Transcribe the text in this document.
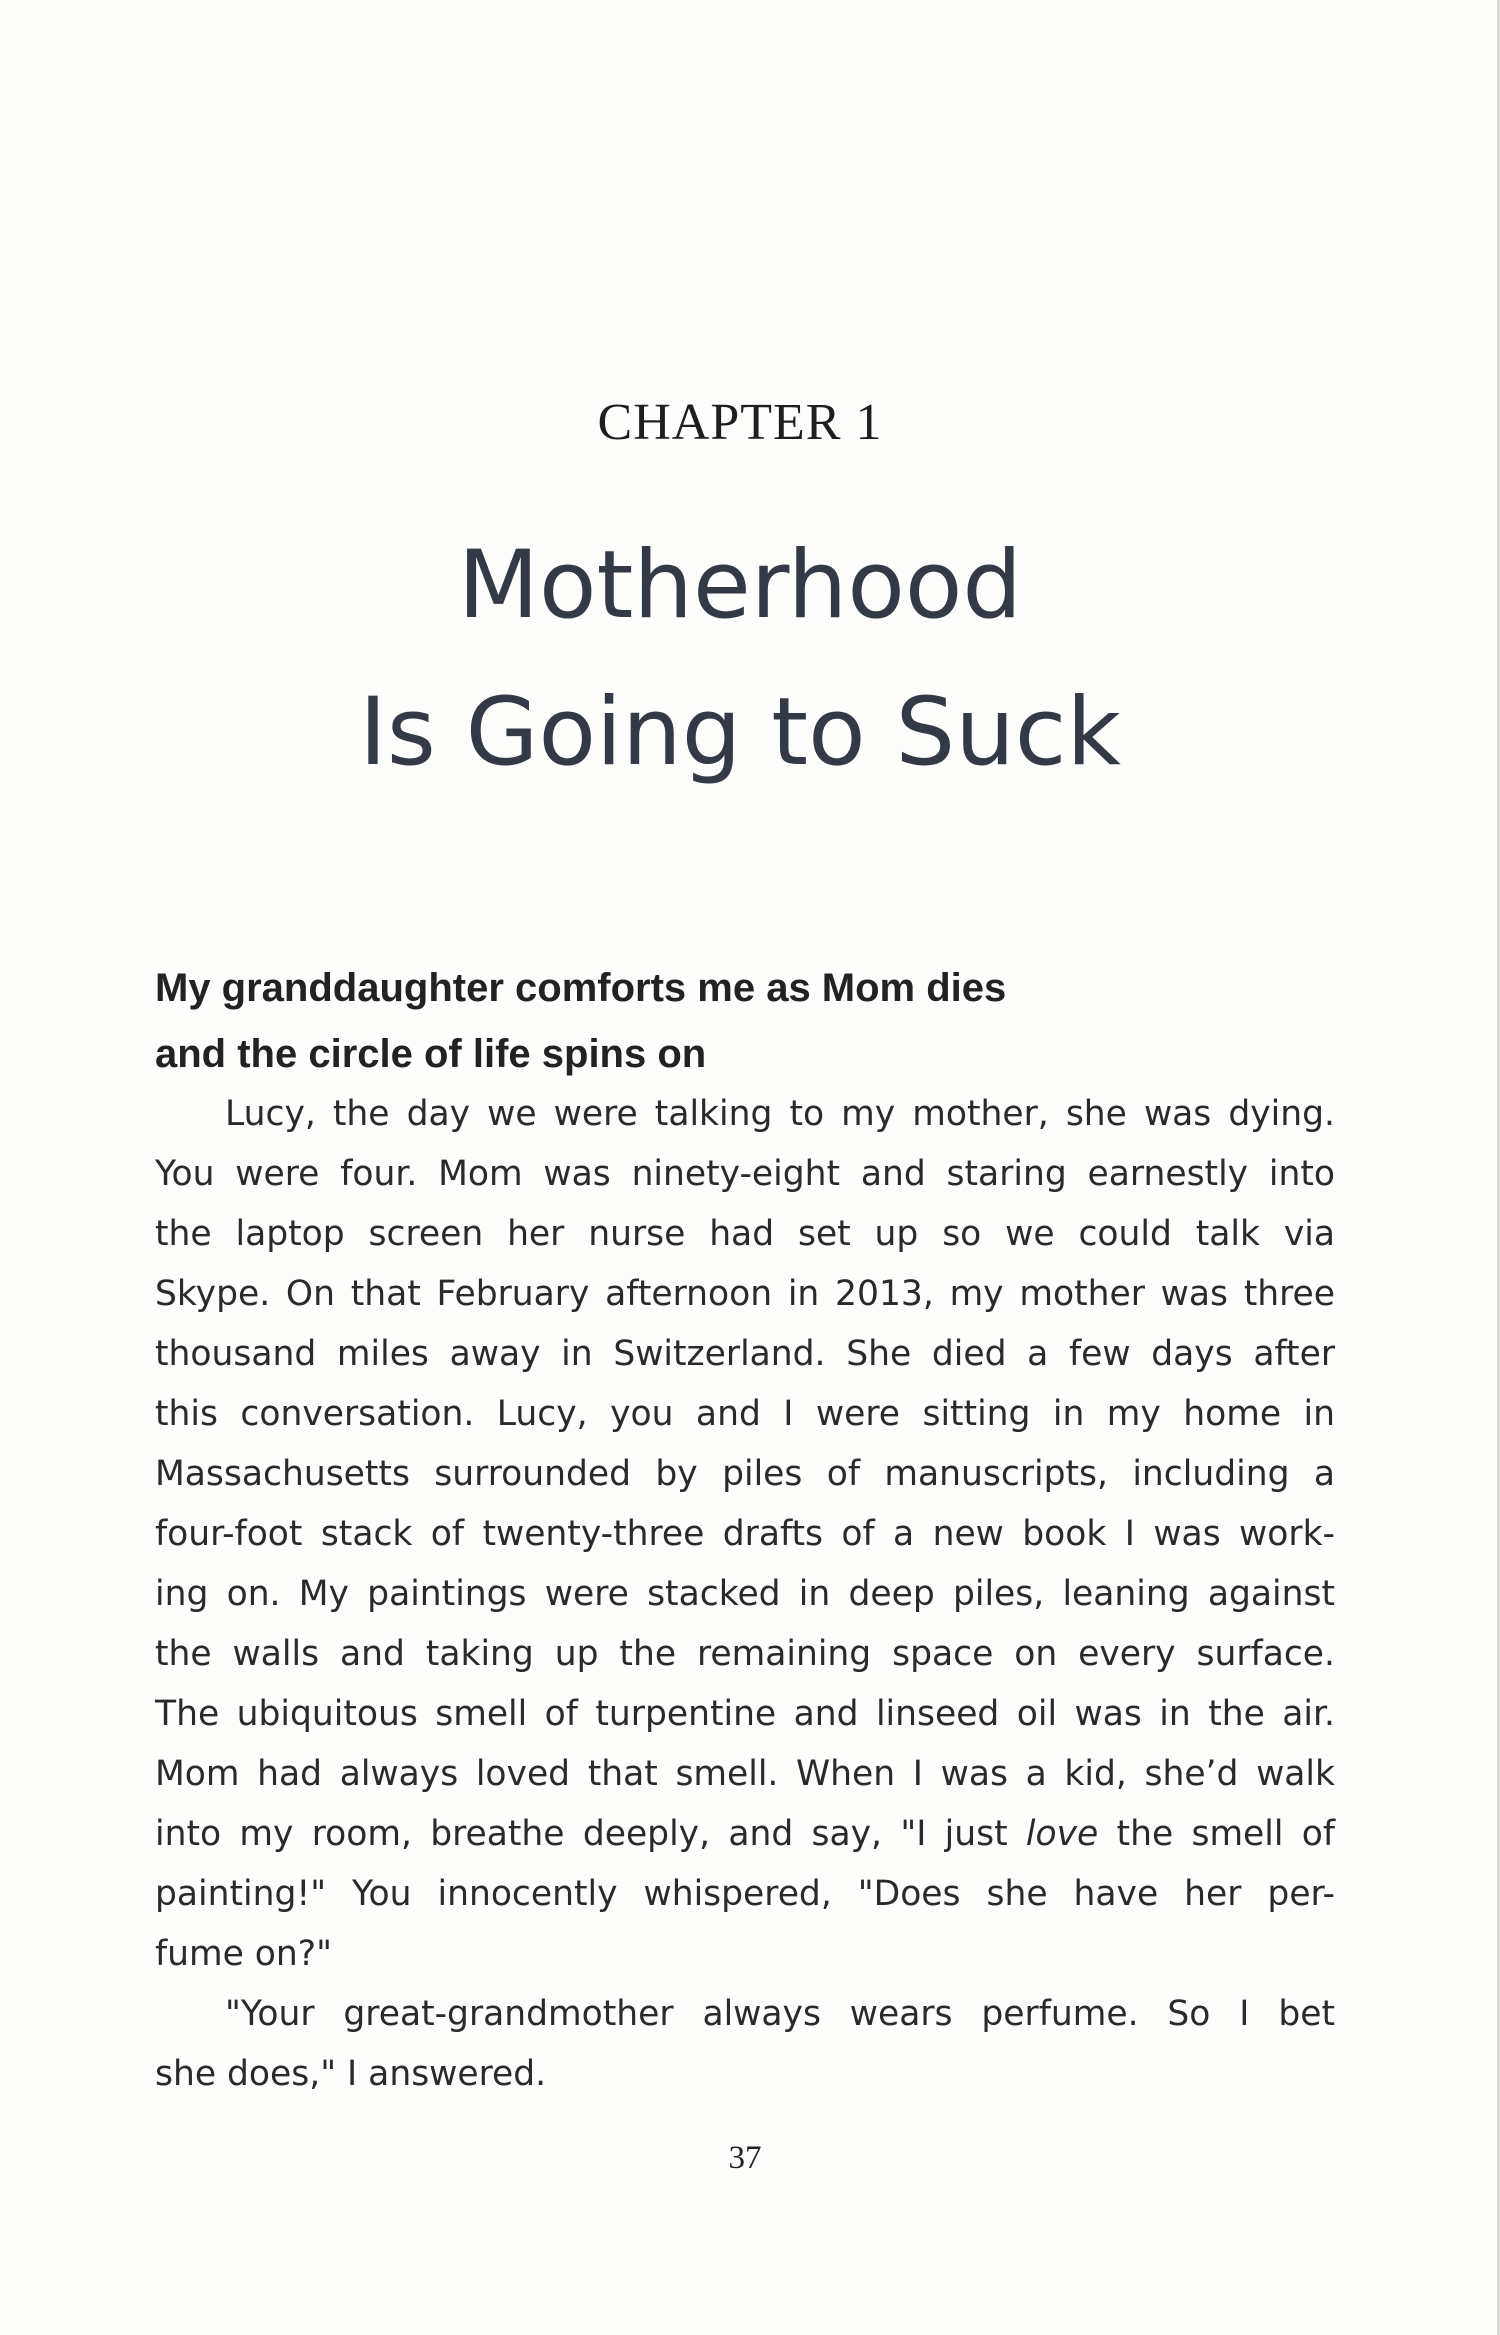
CHAPTER 1
Motherhood
Is Going to Suck
My granddaughter comforts me as Mom dies
and the circle of life spins on
Lucy, the day we were talking to my mother, she was dying.
You were four. Mom was ninety-eight and staring earnestly into
the laptop screen her nurse had set up so we could talk via
Skype. On that February afternoon in 2013, my mother was three
thousand miles away in Switzerland. She died a few days after
this conversation. Lucy, you and I were sitting in my home in
Massachusetts surrounded by piles of manuscripts, including a
four-foot stack of twenty-three drafts of a new book I was work-
ing on. My paintings were stacked in deep piles, leaning against
the walls and taking up the remaining space on every surface.
The ubiquitous smell of turpentine and linseed oil was in the air.
Mom had always loved that smell. When I was a kid, she’d walk
into my room, breathe deeply, and say, "I just love the smell of
painting!" You innocently whispered, "Does she have her per-
fume on?"
"Your great-grandmother always wears perfume. So I bet
she does," I answered.
37
